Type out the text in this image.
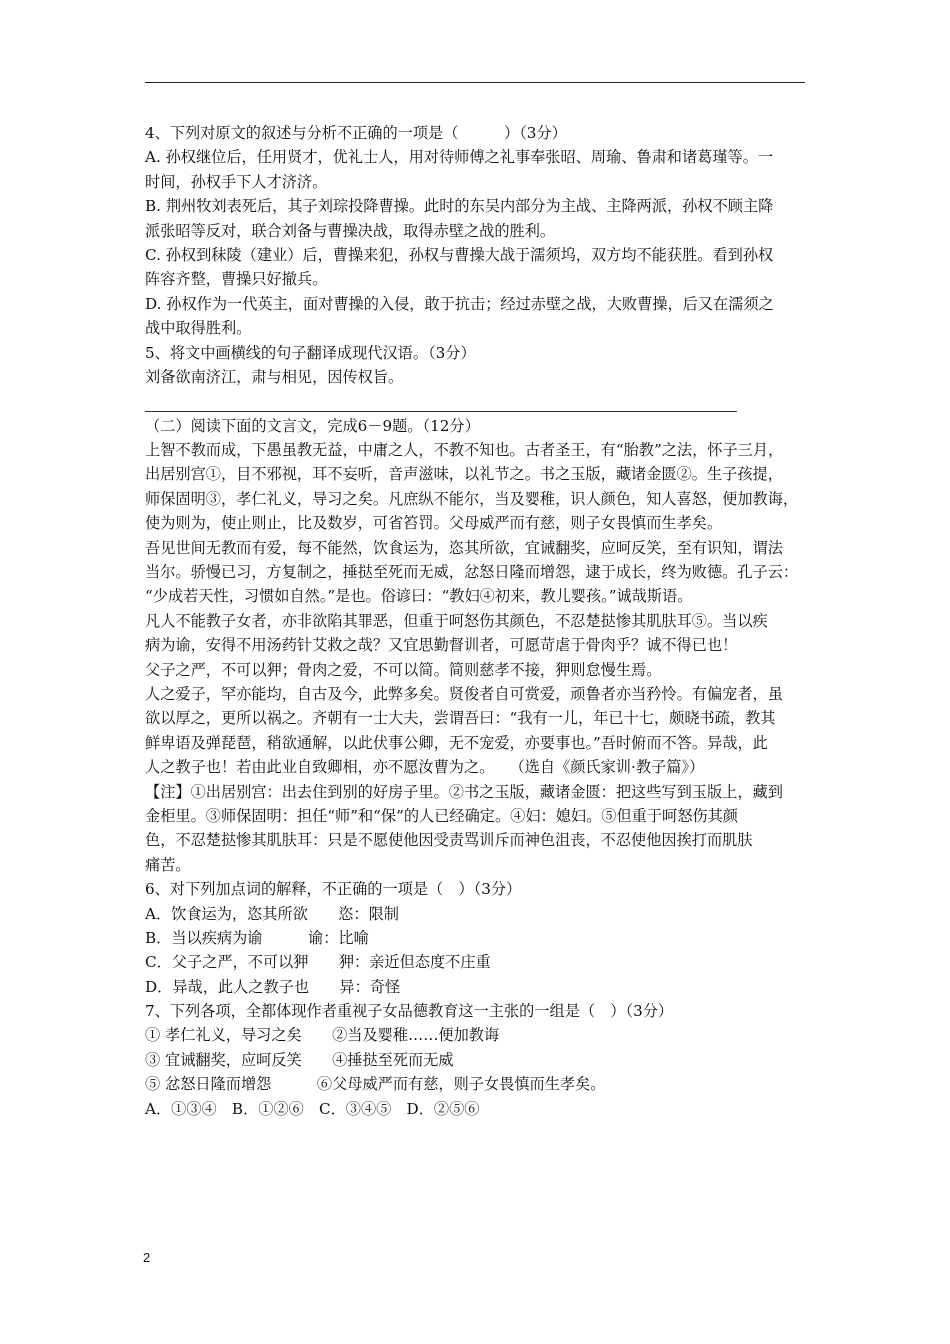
4、下列对原文的叙述与分析不正确的一项是（　　　）（3分）
A. 孙权继位后，任用贤才，优礼士人，用对待师傅之礼事奉张昭、周瑜、鲁肃和诸葛瑾等。一
时间，孙权手下人才济济。
B. 荆州牧刘表死后，其子刘琮投降曹操。此时的东吴内部分为主战、主降两派，孙权不顾主降
派张昭等反对，联合刘备与曹操决战，取得赤壁之战的胜利。
C. 孙权到秣陵（建业）后，曹操来犯，孙权与曹操大战于濡须坞，双方均不能获胜。看到孙权
阵容齐整，曹操只好撤兵。
D. 孙权作为一代英主，面对曹操的入侵，敢于抗击；经过赤壁之战，大败曹操，后又在濡须之
战中取得胜利。
5、将文中画横线的句子翻译成现代汉语。（3分）
刘备欲南济江，肃与相见，因传权旨。
（二）阅读下面的文言文，完成6－9题。（12分）
上智不教而成，下愚虽教无益，中庸之人，不教不知也。古者圣王，有“胎教”之法，怀子三月，
出居别宫①，目不邪视，耳不妄听，音声滋味，以礼节之。书之玉版，藏诸金匮②。生子孩提，
师保固明③，孝仁礼义，导习之矣。凡庶纵不能尔，当及婴稚，识人颜色，知人喜怒，便加教诲，
使为则为，使止则止，比及数岁，可省笞罚。父母威严而有慈，则子女畏慎而生孝矣。
吾见世间无教而有爱，每不能然，饮食运为，恣其所欲，宜诫翻奖，应呵反笑，至有识知，谓法
当尔。骄慢已习，方复制之，捶挞至死而无威，忿怒日隆而增怨，逮于成长，终为败德。孔子云：
“少成若天性，习惯如自然。”是也。俗谚曰：“教妇④初来，教儿婴孩。”诚哉斯语。
凡人不能教子女者，亦非欲陷其罪恶，但重于呵怒伤其颜色，不忍楚挞惨其肌肤耳⑤。当以疾
病为谕，安得不用汤药针艾救之哉？又宜思勤督训者，可愿苛虐于骨肉乎？诚不得已也！
父子之严，不可以狎；骨肉之爱，不可以简。简则慈孝不接，狎则怠慢生焉。
人之爱子，罕亦能均，自古及今，此弊多矣。贤俊者自可赏爱，顽鲁者亦当矜怜。有偏宠者，虽
欲以厚之，更所以祸之。齐朝有一士大夫，尝谓吾曰：“我有一儿，年已十七，颇晓书疏，教其
鲜卑语及弹琵琶，稍欲通解，以此伏事公卿，无不宠爱，亦要事也。”吾时俯而不答。异哉，此
人之教子也！若由此业自致卿相，亦不愿汝曹为之。　　（选自《颜氏家训·教子篇》）
【注】①出居别宫：出去住到别的好房子里。②书之玉版，藏诸金匮：把这些写到玉版上，藏到
金柜里。③师保固明：担任“师”和“保”的人已经确定。④妇：媳妇。⑤但重于呵怒伤其颜
色，不忍楚挞惨其肌肤耳：只是不愿使他因受责骂训斥而神色沮丧，不忍使他因挨打而肌肤
痛苦。
6、对下列加点词的解释，不正确的一项是（　）（3分）
A．饮食运为，恣其所欲　　恣：限制
B．当以疾病为谕　　　谕：比喻
C．父子之严，不可以狎　　狎：亲近但态度不庄重
D．异哉，此人之教子也　　异：奇怪
7、下列各项，全都体现作者重视子女品德教育这一主张的一组是（　）（3分）
① 孝仁礼义，导习之矣　　②当及婴稚……便加教诲
③ 宜诫翻奖，应呵反笑　　④捶挞至死而无威
⑤ 忿怒日隆而增怨　　　⑥父母威严而有慈，则子女畏慎而生孝矣。
A．①③④　B．①②⑥　C．③④⑤　D．②⑤⑥
2
